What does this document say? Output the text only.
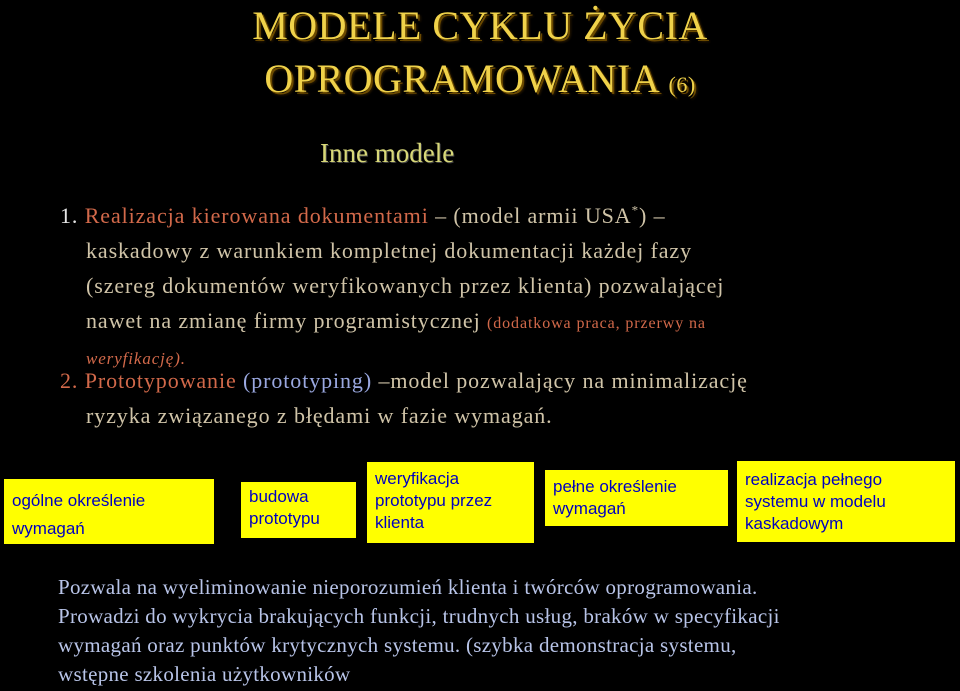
MODELE CYKLU ŻYCIA
OPROGRAMOWANIA (6)
Inne modele
1. Realizacja kierowana dokumentami – (model armii USA*) –
kaskadowy z warunkiem kompletnej dokumentacji każdej fazy
(szereg dokumentów weryfikowanych przez klienta) pozwalającej
nawet na zmianę firmy programistycznej (dodatkowa praca, przerwy na
weryfikację).
2. Prototypowanie (prototyping) –model pozwalający na minimalizację
ryzyka związanego z błędami w fazie wymagań.
ogólne określenie wymagań
budowa prototypu
weryfikacja prototypu przez klienta
pełne określenie wymagań
realizacja pełnego systemu w modelu kaskadowym
Pozwala na wyeliminowanie nieporozumień klienta i twórców oprogramowania.
Prowadzi do wykrycia brakujących funkcji, trudnych usług, braków w specyfikacji
wymagań oraz punktów krytycznych systemu. (szybka demonstracja systemu,
wstępne szkolenia użytkowników
